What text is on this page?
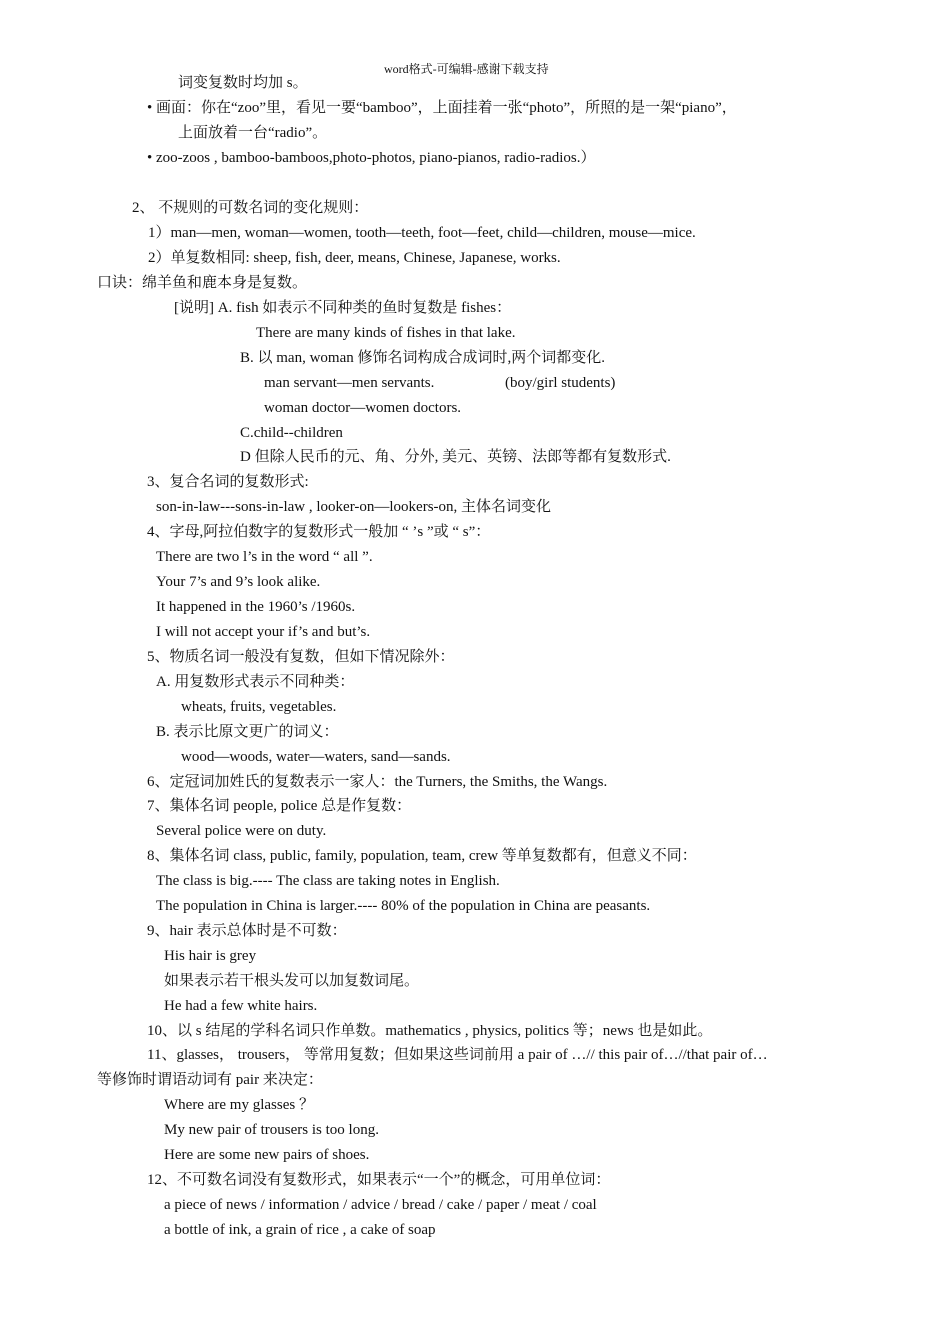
word格式-可编辑-感谢下载支持
词变复数时均加 s。
• 画面：你在“zoo”里，看见一要“bamboo”，上面挂着一张“photo”，所照的是一架“piano”，
上面放着一台“radio”。
• zoo-zoos , bamboo-bamboos,photo-photos, piano-pianos, radio-radios.）
2、 不规则的可数名词的变化规则：
1）man—men, woman—women, tooth—teeth, foot—feet, child—children, mouse—mice.
2）单复数相同: sheep, fish, deer, means, Chinese, Japanese, works.
口诀：绵羊鱼和鹿本身是复数。
[说明] A. fish 如表示不同种类的鱼时复数是 fishes：
There are many kinds of fishes in that lake.
B. 以 man, woman 修饰名词构成合成词时,两个词都变化.
man servant—men servants.	(boy/girl students)
woman doctor—women doctors.
C.child--children
D 但除人民币的元、角、分外, 美元、英镑、法郎等都有复数形式.
3、复合名词的复数形式:
son-in-law---sons-in-law , looker-on—lookers-on, 主体名词变化
4、字母,阿拉伯数字的复数形式一般加 “ ’s ”或 “ s”：
There are two l’s in the word “ all ”.
Your 7’s and 9’s look alike.
It happened in the 1960’s /1960s.
I will not accept your if’s and but’s.
5、物质名词一般没有复数，但如下情况除外：
A. 用复数形式表示不同种类：
wheats, fruits, vegetables.
B. 表示比原文更广的词义：
wood—woods, water—waters, sand—sands.
6、定冠词加姓氏的复数表示一家人：the Turners, the Smiths, the Wangs.
7、集体名词 people, police 总是作复数：
Several police were on duty.
8、集体名词 class, public, family, population, team, crew 等单复数都有，但意义不同：
The class is big.---- The class are taking notes in English.
The population in China is larger.---- 80% of the population in China are peasants.
9、hair 表示总体时是不可数：
His hair is grey
如果表示若干根头发可以加复数词尾。
He had a few white hairs.
10、以 s 结尾的学科名词只作单数。mathematics , physics, politics 等；news 也是如此。
11、glasses， trousers， 等常用复数；但如果这些词前用 a pair of …// this pair of…//that pair of…
等修饰时谓语动词有 pair 来决定：
Where are my glasses ？
My new pair of trousers is too long.
Here are some new pairs of shoes.
12、不可数名词没有复数形式，如果表示“一个”的概念，可用单位词：
a piece of news / information / advice / bread / cake / paper / meat / coal
a bottle of ink, a grain of rice , a cake of soap
